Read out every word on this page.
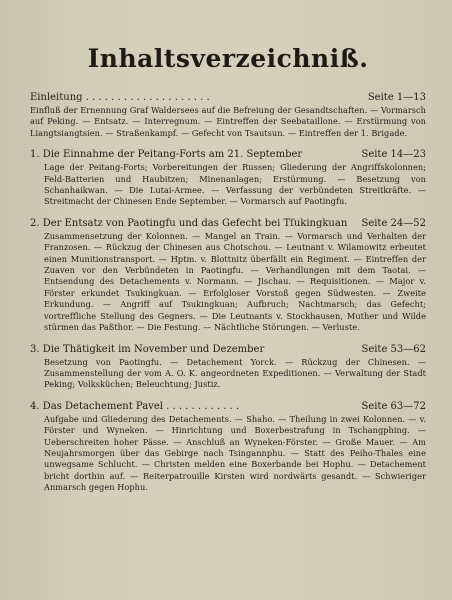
Inhaltsverzeichniß.
Einleitung . . . . . . . . . . . . . . . . . . . .	Seite 1—13
Einfluß der Ernennung Graf Waldersees auf die Befreiung der Gesandtschaften. — Vormarsch auf Peking. — Entsatz. — Interregnum. — Eintreffen der Seebataillone. — Erstürmung von Liangtsiangtsien. — Straßenkampf. — Gefecht von Tsautsun. — Eintreffen der 1. Brigade.
1. Die Einnahme der Peitang-Forts am 21. September	Seite 14—23
Lage der Peitang-Forts; Vorbereitungen der Russen; Gliederung der Angriffskolonnen; Feld-Batterien und Haubitzen; Minenanlagen; Erstürmung. — Besetzung von Schanhaikwan. — Die Lutai-Armee. — Verfassung der verbündeten Streitkräfte. — Streitmacht der Chinesen Ende September. — Vormarsch auf Paotingfu.
2. Der Entsatz von Paotingfu und das Gefecht bei Tſukingkuan	Seite 24—52
Zusammensetzung der Kolonnen. — Mangel an Train. — Vormarsch und Verhalten der Franzosen. — Rückzug der Chinesen aus Chotschou. — Leutnant v. Wilamowitz erbeutet einen Munitionstransport. — Hptm. v. Blottnitz überfällt ein Regiment. — Eintreffen der Zuaven vor den Verbündeten in Paotingfu. — Verhandlungen mit dem Taotai. — Entsendung des Detachements v. Normann. — Jischau. — Requisitionen. — Major v. Förster erkundet Tsukingkuan. — Erfolgloser Vorstoß gegen Südwesten. — Zweite Erkundung. — Angriff auf Tsukingkuan; Aufbruch; Nachtmarsch; das Gefecht; vortreffliche Stellung des Gegners. — Die Leutnants v. Stockhausen, Muther und Wilde stürmen das Paßthor. — Die Festung. — Nächtliche Störungen. — Verluste.
3. Die Thätigkeit im November und Dezember	Seite 53—62
Besetzung von Paotingfu. — Detachement Yorck. — Rückzug der Chinesen. — Zusammenstellung der vom A. O. K. angeordneten Expeditionen. — Verwaltung der Stadt Peking; Volksküchen; Beleuchtung; Justiz.
4. Das Detachement Pavel . . . . . . . . . . . .	Seite 63—72
Aufgabe und Gliederung des Detachements. — Shaho. — Theilung in zwei Kolonnen. — v. Förster und Wyneken. — Hinrichtung und Boxerbestrafung in Tschangphing. — Ueberschreiten hoher Pässe. — Anschluß an Wyneken-Förster. — Große Mauer. — Am Neujahrsmorgen über das Gebirge nach Tsingannphu. — Statt des Peiho-Thales eine unwegsame Schlucht. — Christen melden eine Boxerbande bei Hophu. — Detachement bricht dorthin auf. — Reiterpatrouille Kirsten wird nordwärts gesandt. — Schwieriger Anmarsch gegen Hophu.
